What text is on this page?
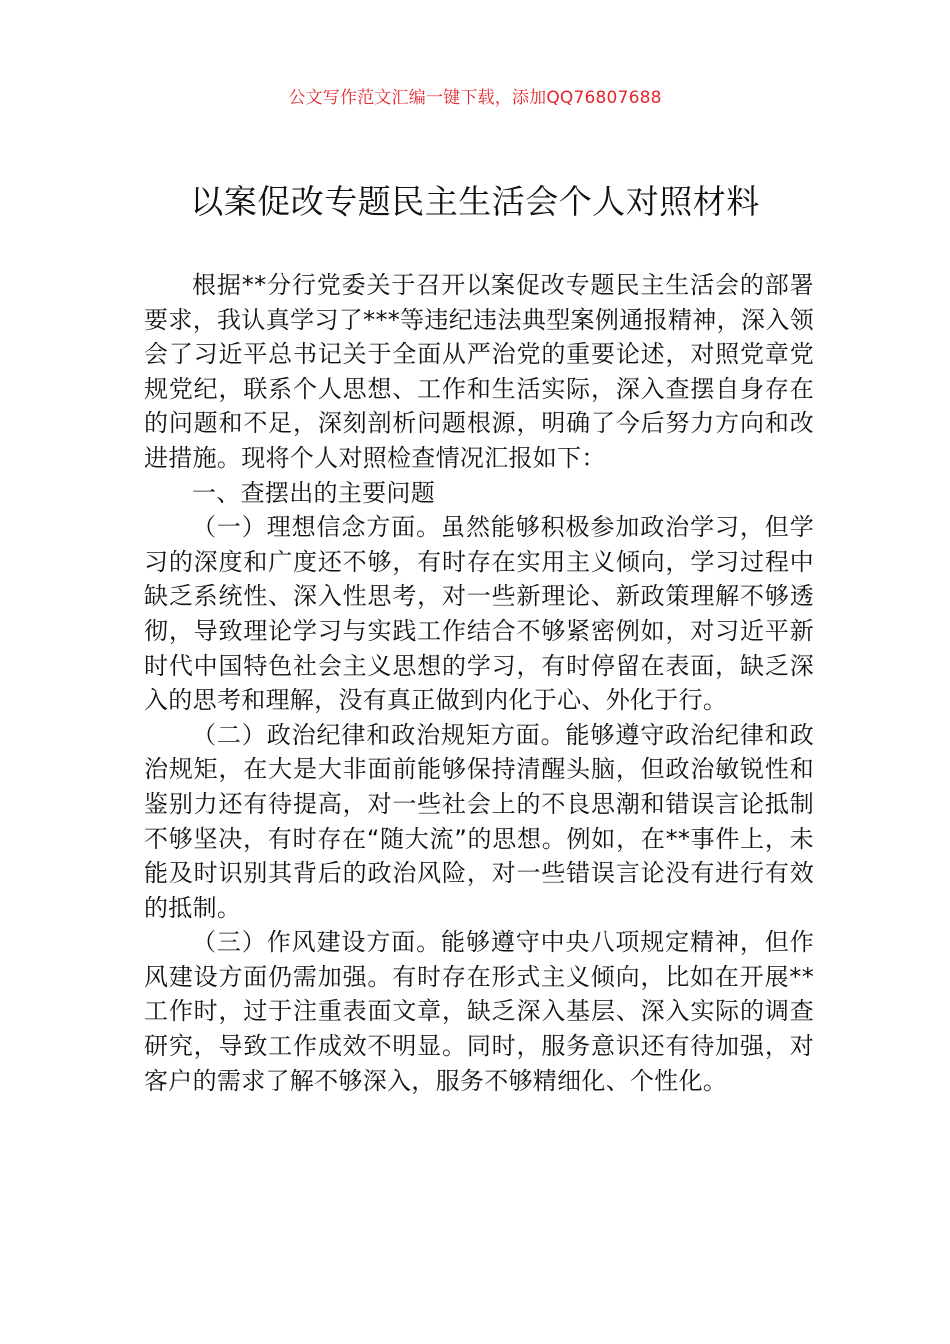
公文写作范文汇编一键下载，添加QQ76807688
以案促改专题民主生活会个人对照材料

根据**分行党委关于召开以案促改专题民主生活会的部署要求，我认真学习了***等违纪违法典型案例通报精神，深入领会了习近平总书记关于全面从严治党的重要论述，对照党章党规党纪，联系个人思想、工作和生活实际，深入查摆自身存在的问题和不足，深刻剖析问题根源，明确了今后努力方向和改进措施。现将个人对照检查情况汇报如下：

一、查摆出的主要问题

（一）理想信念方面。虽然能够积极参加政治学习，但学习的深度和广度还不够，有时存在实用主义倾向，学习过程中缺乏系统性、深入性思考，对一些新理论、新政策理解不够透彻，导致理论学习与实践工作结合不够紧密例如，对习近平新时代中国特色社会主义思想的学习，有时停留在表面，缺乏深入的思考和理解，没有真正做到内化于心、外化于行。

（二）政治纪律和政治规矩方面。能够遵守政治纪律和政治规矩，在大是大非面前能够保持清醒头脑，但政治敏锐性和鉴别力还有待提高，对一些社会上的不良思潮和错误言论抵制不够坚决，有时存在“随大流”的思想。例如，在**事件上，未能及时识别其背后的政治风险，对一些错误言论没有进行有效的抵制。

（三）作风建设方面。能够遵守中央八项规定精神，但作风建设方面仍需加强。有时存在形式主义倾向，比如在开展**工作时，过于注重表面文章，缺乏深入基层、深入实际的调查研究，导致工作成效不明显。同时，服务意识还有待加强，对客户的需求了解不够深入，服务不够精细化、个性化。
